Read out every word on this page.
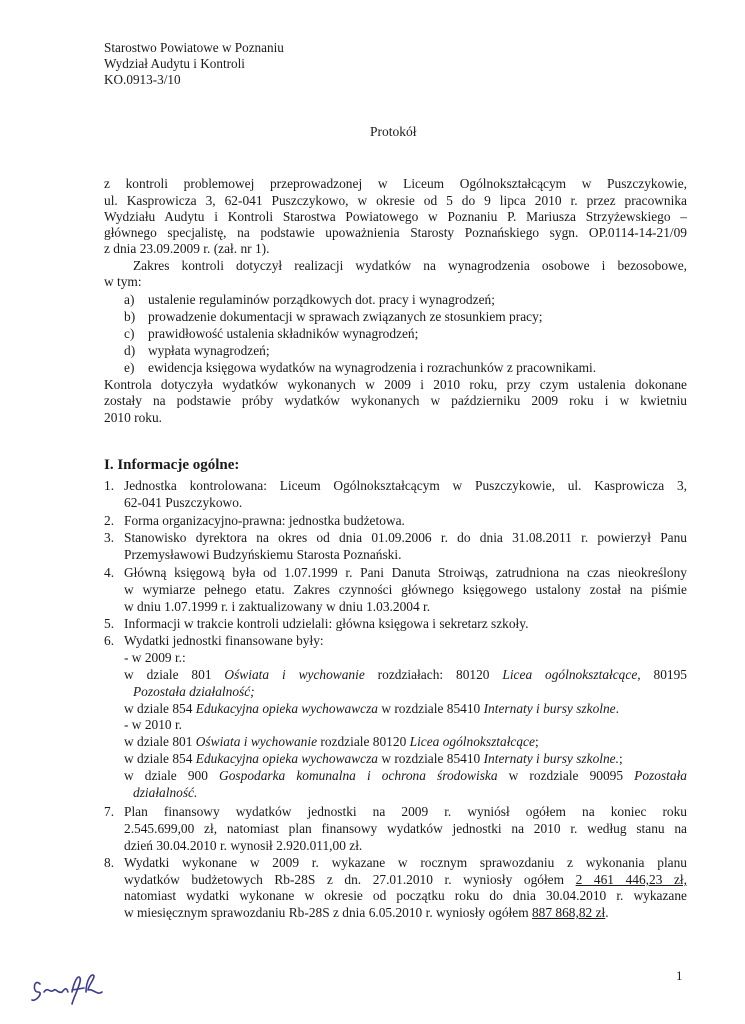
Starostwo Powiatowe w Poznaniu
Wydział Audytu i Kontroli
KO.0913-3/10
Protokół
z kontroli problemowej przeprowadzonej w Liceum Ogólnokształcącym w Puszczykowie,
ul. Kasprowicza 3, 62-041 Puszczykowo, w okresie od 5 do 9 lipca 2010 r. przez pracownika
Wydziału Audytu i Kontroli Starostwa Powiatowego w Poznaniu P. Mariusza Strzyżewskiego –
głównego specjalistę, na podstawie upoważnienia Starosty Poznańskiego sygn. OP.0114-14-21/09
z dnia 23.09.2009 r. (zał. nr 1).
Zakres kontroli dotyczył realizacji wydatków na wynagrodzenia osobowe i bezosobowe,
w tym:
a) ustalenie regulaminów porządkowych dot. pracy i wynagrodzeń;
b) prowadzenie dokumentacji w sprawach związanych ze stosunkiem pracy;
c) prawidłowość ustalenia składników wynagrodzeń;
d) wypłata wynagrodzeń;
e) ewidencja księgowa wydatków na wynagrodzenia i rozrachunków z pracownikami.
Kontrola dotyczyła wydatków wykonanych w 2009 i 2010 roku, przy czym ustalenia dokonane
zostały na podstawie próby wydatków wykonanych w październiku 2009 roku i w kwietniu
2010 roku.
I. Informacje ogólne:
1. Jednostka kontrolowana: Liceum Ogólnokształcącym w Puszczykowie, ul. Kasprowicza 3,
62-041 Puszczykowo.
2. Forma organizacyjno-prawna: jednostka budżetowa.
3. Stanowisko dyrektora na okres od dnia 01.09.2006 r. do dnia 31.08.2011 r. powierzył Panu
Przemysławowi Budzyńskiemu Starosta Poznański.
4. Główną księgową była od 1.07.1999 r. Pani Danuta Stroiwąs, zatrudniona na czas nieokreślony
w wymiarze pełnego etatu. Zakres czynności głównego księgowego ustalony został na piśmie
w dniu 1.07.1999 r. i zaktualizowany w dniu 1.03.2004 r.
5. Informacji w trakcie kontroli udzielali: główna księgowa i sekretarz szkoły.
6. Wydatki jednostki finansowane były:
- w 2009 r.:
w dziale 801 Oświata i wychowanie rozdziałach: 80120 Licea ogólnokształcące, 80195
Pozostała działalność;
w dziale 854 Edukacyjna opieka wychowawcza w rozdziale 85410 Internaty i bursy szkolne.
- w 2010 r.
w dziale 801 Oświata i wychowanie rozdziale 80120 Licea ogólnokształcące;
w dziale 854 Edukacyjna opieka wychowawcza w rozdziale 85410 Internaty i bursy szkolne.;
w dziale 900 Gospodarka komunalna i ochrona środowiska w rozdziale 90095 Pozostała
działalność.
7. Plan finansowy wydatków jednostki na 2009 r. wyniósł ogółem na koniec roku
2.545.699,00 zł, natomiast plan finansowy wydatków jednostki na 2010 r. według stanu na
dzień 30.04.2010 r. wynosił 2.920.011,00 zł.
8. Wydatki wykonane w 2009 r. wykazane w rocznym sprawozdaniu z wykonania planu
wydatków budżetowych Rb-28S z dn. 27.01.2010 r. wyniosły ogółem 2 461 446,23 zł,
natomiast wydatki wykonane w okresie od początku roku do dnia 30.04.2010 r. wykazane
w miesięcznym sprawozdaniu Rb-28S z dnia 6.05.2010 r. wyniosły ogółem 887 868,82 zł.
1
